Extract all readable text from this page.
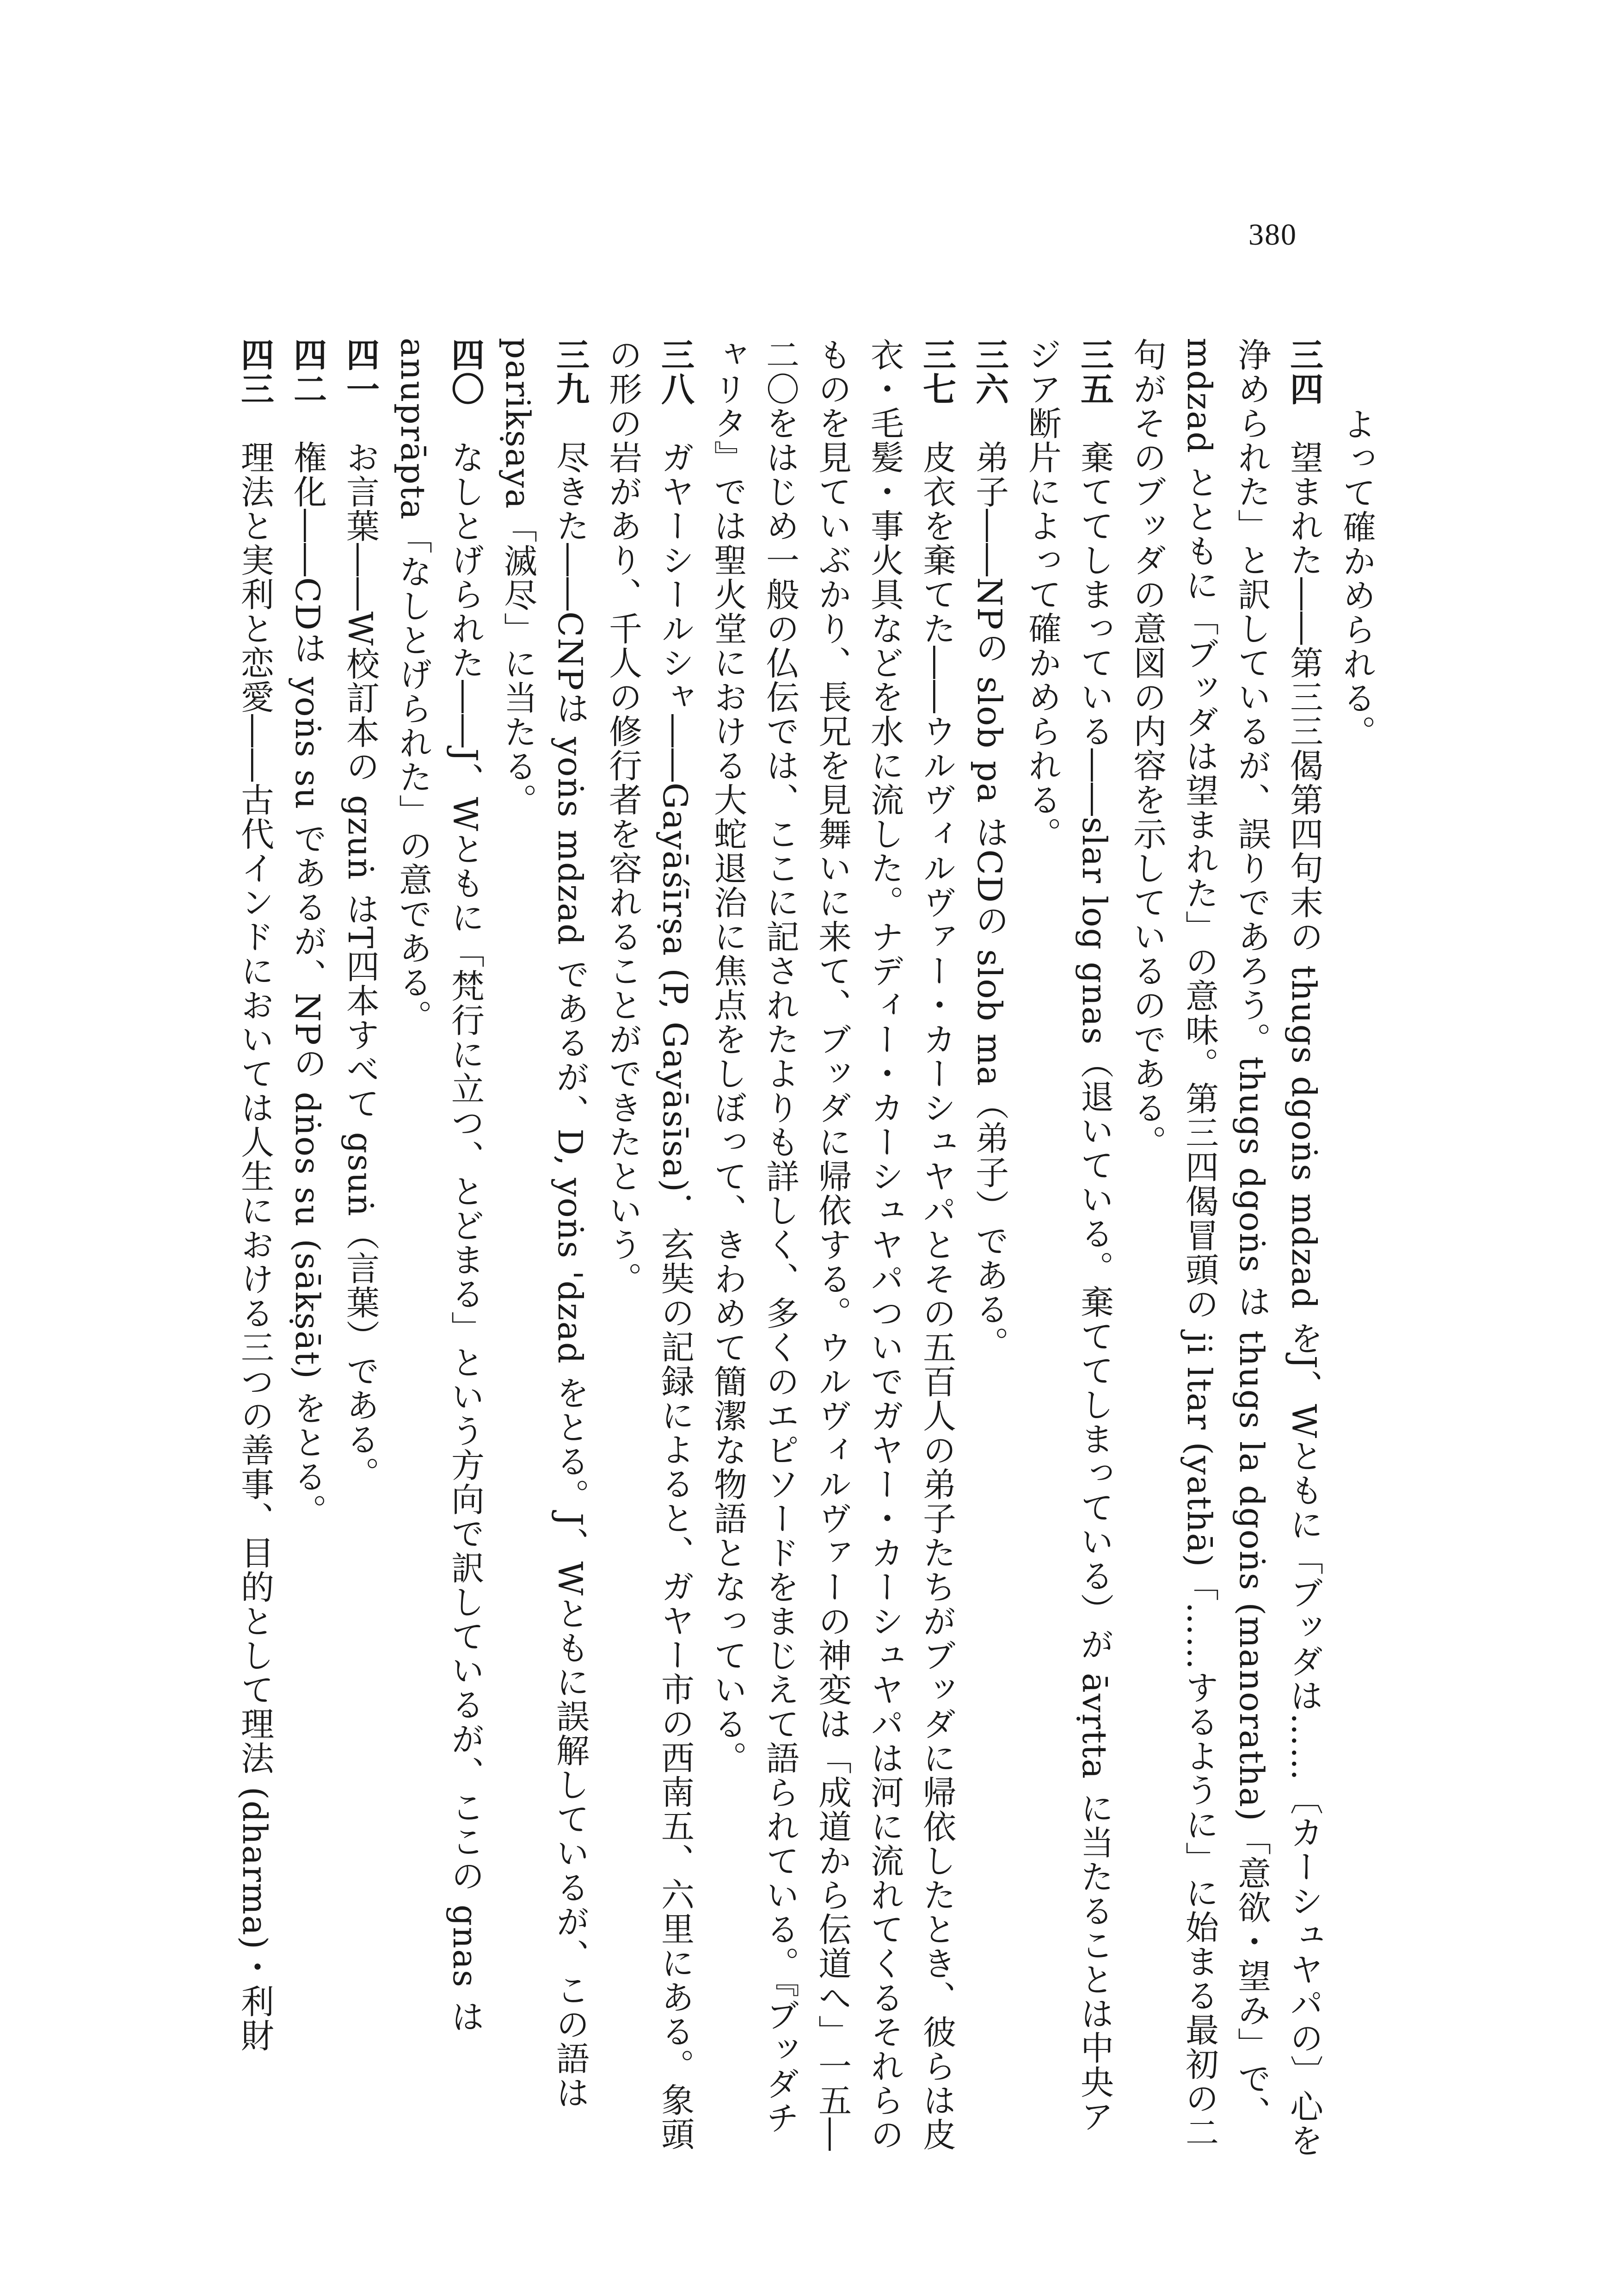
380
よって確かめられる。
三四望まれた――第三三偈第四句末の thugs dgoṅs mdzad をJ、Wともに「ブッダは……〔カーシュヤパの〕心を浄められた」と訳しているが、誤りであろう。thugs dgoṅs は thugs la dgoṅs (manoratha)「意欲・望み」で、mdzad とともに「ブッダは望まれた」の意味。第三四偈冒頭の ji ltar (yathā)「……するように」に始まる最初の二句がそのブッダの意図の内容を示しているのである。
三五棄ててしまっている――slar log gnas（退いている。棄ててしまっている）が āvṛtta に当たることは中央アジア断片によって確かめられる。
三六弟子――NPの slob pa はCDの slob ma（弟子）である。
三七皮衣を棄てた――ウルヴィルヴァー・カーシュヤパとその五百人の弟子たちがブッダに帰依したとき、彼らは皮衣・毛髪・事火具などを水に流した。ナディー・カーシュヤパついでガヤー・カーシュヤパは河に流れてくるそれらのものを見ていぶかり、長兄を見舞いに来て、ブッダに帰依する。ウルヴィルヴァーの神変は「成道から伝道へ」一五―二〇をはじめ一般の仏伝では、ここに記されたよりも詳しく、多くのエピソードをまじえて語られている。『ブッダチャリタ』では聖火堂における大蛇退治に焦点をしぼって、きわめて簡潔な物語となっている。
三八ガヤーシールシャ――Gayāśīrṣa (P, Gayāsīsa)．玄奘の記録によると、ガヤー市の西南五、六里にある。象頭の形の岩があり、千人の修行者を容れることができたという。
三九尽きた――CNPは yoṅs mdzad であるが、D, yoṅs 'dzad をとる。J、Wともに誤解しているが、この語は parikṣaya「滅尽」に当たる。
四〇なしとげられた――J、Wともに「梵行に立つ、とどまる」という方向で訳しているが、ここの gnas は anuprāpta「なしとげられた」の意である。
四一お言葉――W校訂本の gzuṅ はT四本すべて gsuṅ（言葉）である。
四二権化――CDは yoṅs su であるが、NPの dṅos su (sākṣāt) をとる。
四三理法と実利と恋愛――古代インドにおいては人生における三つの善事、目的として理法 (dharma)・利財
